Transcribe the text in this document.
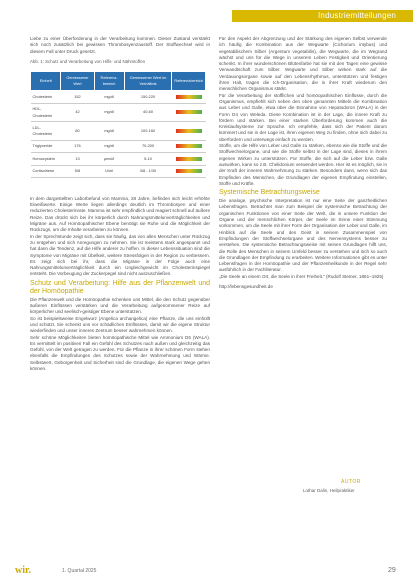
Industriemitteilungen

Liebe zu einer Überforderung in der Verarbeitung kommen. Dieser Zustand verstärkt sich noch zusätzlich bei gewissen Thrombosyenzaustoff. Der Stoffwechsel wird in diesem Fall unter Druck gesetzt.

Abb. 1: Schutz und Verarbeitung von Hilfs- und Nährstoffen
Einheit	Gemessener Wert	Referenz-bereich	Gemessener Wert im Verhältnis	Referenzbereich
Cholesterin	152	mg/dl	150-220	
HDL-Cholesterin	42	mg/dl	40-60	
LDL-Cholesterin	80	mg/dl	100-160	
Triglyceride	176	mg/dl	70-200	
Homocystein	13	µmol/l	5-10	
Cortisolriese	5/8	U/ml	3/8 - 1/30	

In dem dargestellten Laborbefund von Mamma, 28 Jahre, befinden sich leicht erhöhte Eiweißwerte. Einige Werte liegen allerdings deutlich im Thrombosyen und einer reduzierten Cholesterinrate. Mamma ist sehr empfindlich und reagiert schnell auf äußere Reize. Das drückt sich bei ihr körperlich durch Nahrungsmittelunverträglichkeiten und Migräne aus. Auf Homöopathischer Ebene benötigt sie Ruhe und die Möglichkeit der Rückzugs, um die Inhalte verarbeiten zu können.

In der Sprechstunde zeigt sich, dass sie häufig, das von allen Menschen unter Rückzug zu entgehen und sich Anregungen zu nehmen. Sie ist meistens stark angespannt und hat dann die Tendenz, auf die Hilfe anderer zu hoffen. In dieser Lebenssituation sind die Symptome von Migräne mit Übelkeit, weitere Stressfolgen in der Region zu verbessern. Es zeigt sich bei ihr, dass die Migräne in der Folge auch eine Nahrungsmittelunverträglichkeit durch ein Ungleichgewicht im Cholesterinspiegel entsteht. Die Vorbeugung der Zuckerpegel sind nicht auszuschließen.

Schutz und Verarbeitung: Hilfe aus der Pflanzenwelt und der Homöopathie

Die Pflanzenwelt und die Homöopathie schenken uns Mittel, die den Schutz gegenüber äußeren Einflüssen verstärken und die Verarbeitung aufgenommener Reize auf körperlicher und seelisch-geistiger Ebene unterstützen.

So ist beispielsweise Engelwurz (Angelica archangelica) eine Pflanze, die uns einhüllt und schützt. Sie schenkt uns vor schädlichen Einflüssen, damit wir die eigene Struktur wiederfinden und unser inneres Zentrum besser wahrnehmen können.

Sehr schöne Möglichkeiten bieten homöopathische Mittel wie Ammonium D6 (WALA). Es vermittelt im positiven Fall ein Gefühl des Schutzes nach außen und gleichzeitig das Gefühl, von der Welt getragen zu werden. Für die Pflanze in ihrer schönen Form stehen ebenfalls die Empfindungen des Schutzes sowie der Wahrnehmung und Wärme. Selbstwert, Geborgenheit und Sicherheit sind die Grundlage, die eigenen Wege gehen können.

Für den Aspekt der Abgrenzung und der Stärkung des eigenen Selbst verwende ich häufig die Kombination aus der Wegwarte (Cichorium intybus) und vegetabilischem Silber (Argentum vegetabilis), die Wegwarte, die im Wegrand wächst und uns für die Wege in unserem Leben Festigkeit und Orientierung schenkt. In ihrer wunderschönen Blütenfarbe hat sie mit den Tagen eine gewisse Verwandtschaft zum Silber. Wegwarte und Silber wirken stark auf die Verdauungsorgane sowie auf den Lebensrhythmus, unterstützen und festigen ihren Halt, tragen die Ich-Organisation, die in ihrer Kraft wiederum den menschlichen Organismus stärkt.

Für die Verarbeitung der stofflichen und homöopathischen Einflüsse, durch die Organismus, empfiehlt sich neben den oben genannten Mitteln die Kombination aus Leber und Galle, etwa über die Einnahme von Hepatodoron (WALA) in der Form D4 von Weleda. Diese Kombination ist in der Lage, die innere Kraft zu fördern und stärken. Bei einer starken Überforderung kommen auch die Kreislaufsysteme zur Sprache. Ich empfehle, dass sich der Patient darum kümmert und sie in der Lage ist, ihren eigenen Weg zu finden, ohne sich dabei zu überfordern und unterwegs einfach zu werden.

Stoffe, um die Hilfe von Leber und Galle zu stärken, ebenso wie die Stoffe und die Stoffwechselorgane, und wie die Stoffe selbst in der Lage sind, dieses in ihrem eigenen Wirken zu unterstützen. Für Stoffe, die sich auf die Leber bzw. Galle auswirken, kann so z.B. Chelidonium verwendet werden. Hier ist es möglich, sie in der Kraft der inneren Wahrnehmung zu stärken. Besonders dann, wenn sich das Empfinden des Menschen, die Grundlagen der eigenen Empfindung einstellen, Stoffe und Kräfte.

Systemische Betrachtungsweise

Die analoge, psychische Interpretation ist nur eine Seite der ganzheitlichen Lebensfragen. Betrachtet man zum Beispiel die systemische Betrachtung der organischen Funktionen von einer Seite der Welt, die in unsere Funktion der Organe und der menschlichen Körper, der Seele im Sinne einer Stimmung vorkommen, um die Seele mit ihrer Form der Organisation der Leber und Galle, im Hinblick auf die Seele und den Geist in seinem Zusammenspiel von Empfindungen der Stoffwechselorgane und des Nervensystems besser zu verstehen. Die systemische Betrachtungsweise mit seinen Grundlagen hilft uns, die Rolle des Menschen in seinem Umfeld besser zu verstehen und sich so auch die Grundlagen der Empfindung zu erarbeiten. Weitere Informationen gibt es unter Lebensfragen in der Homöopathie und der Pflanzenheilkunde in der Regel sehr ausführlich in der Fachliteratur.

„Die Seele an einem Ort, die Seele in ihrer Freiheit.“ (Rudolf Steiner, 1861–1925)

http://lebensgesundheit.de

AUTOR
Lothar Dalin, Heilpraktiker
wir.	1. Quartal 2025	29
